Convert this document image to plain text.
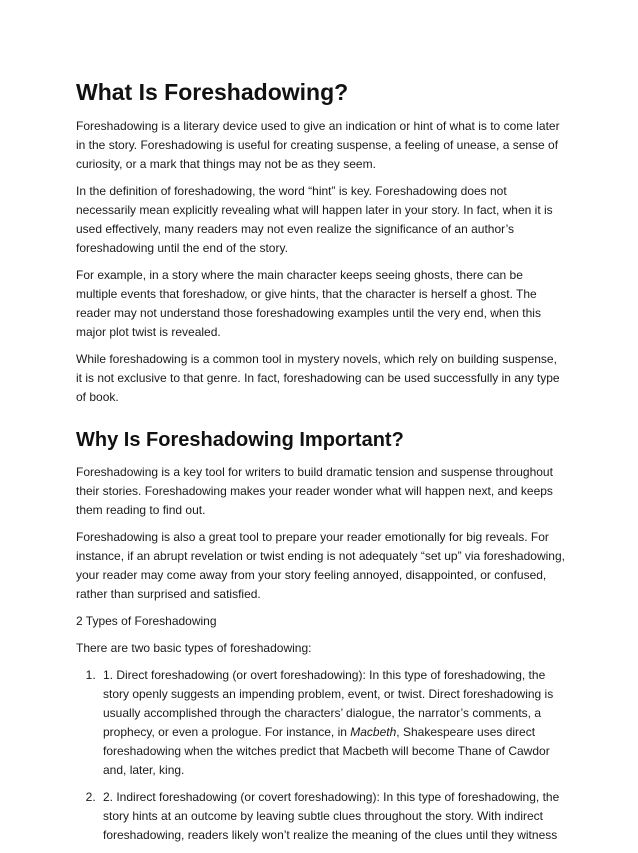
What Is Foreshadowing?

Foreshadowing is a literary device used to give an indication or hint of what is to come later in the story. Foreshadowing is useful for creating suspense, a feeling of unease, a sense of curiosity, or a mark that things may not be as they seem.

In the definition of foreshadowing, the word “hint” is key. Foreshadowing does not necessarily mean explicitly revealing what will happen later in your story. In fact, when it is used effectively, many readers may not even realize the significance of an author’s foreshadowing until the end of the story.

For example, in a story where the main character keeps seeing ghosts, there can be multiple events that foreshadow, or give hints, that the character is herself a ghost. The reader may not understand those foreshadowing examples until the very end, when this major plot twist is revealed.

While foreshadowing is a common tool in mystery novels, which rely on building suspense, it is not exclusive to that genre. In fact, foreshadowing can be used successfully in any type of book.

Why Is Foreshadowing Important?

Foreshadowing is a key tool for writers to build dramatic tension and suspense throughout their stories. Foreshadowing makes your reader wonder what will happen next, and keeps them reading to find out.

Foreshadowing is also a great tool to prepare your reader emotionally for big reveals. For instance, if an abrupt revelation or twist ending is not adequately “set up” via foreshadowing, your reader may come away from your story feeling annoyed, disappointed, or confused, rather than surprised and satisfied.

2 Types of Foreshadowing

There are two basic types of foreshadowing:

1. 1. Direct foreshadowing (or overt foreshadowing): In this type of foreshadowing, the story openly suggests an impending problem, event, or twist. Direct foreshadowing is usually accomplished through the characters’ dialogue, the narrator’s comments, a prophecy, or even a prologue. For instance, in Macbeth, Shakespeare uses direct foreshadowing when the witches predict that Macbeth will become Thane of Cawdor and, later, king.
2. 2. Indirect foreshadowing (or covert foreshadowing): In this type of foreshadowing, the story hints at an outcome by leaving subtle clues throughout the story. With indirect foreshadowing, readers likely won’t realize the meaning of the clues until they witness
